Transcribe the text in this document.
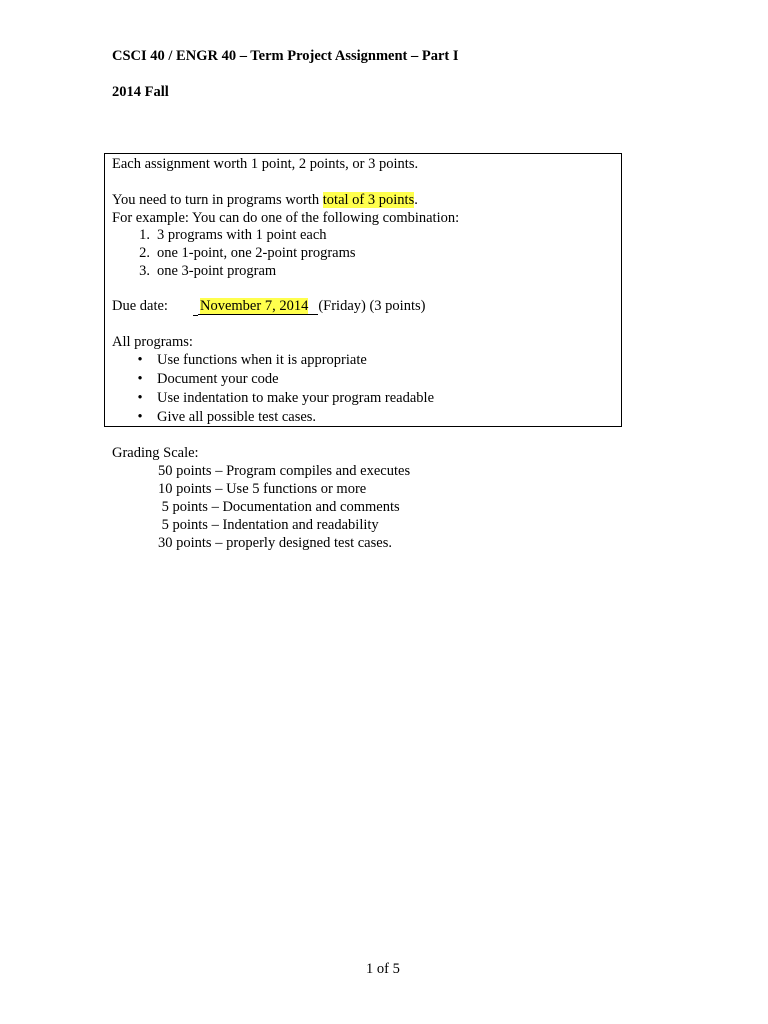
CSCI 40 / ENGR 40 – Term Project Assignment – Part I
2014 Fall
Each assignment worth 1 point, 2 points, or 3 points.
You need to turn in programs worth total of 3 points.
For example: You can do one of the following combination:
1. 3 programs with 1 point each
2. one 1-point, one 2-point programs
3. one 3-point program
Due date:	November 7, 2014 (Friday) (3 points)
All programs:
• Use functions when it is appropriate
• Document your code
• Use indentation to make your program readable
• Give all possible test cases.
Grading Scale:
50 points – Program compiles and executes
10 points – Use 5 functions or more
5 points – Documentation and comments
5 points – Indentation and readability
30 points – properly designed test cases.
1 of 5
